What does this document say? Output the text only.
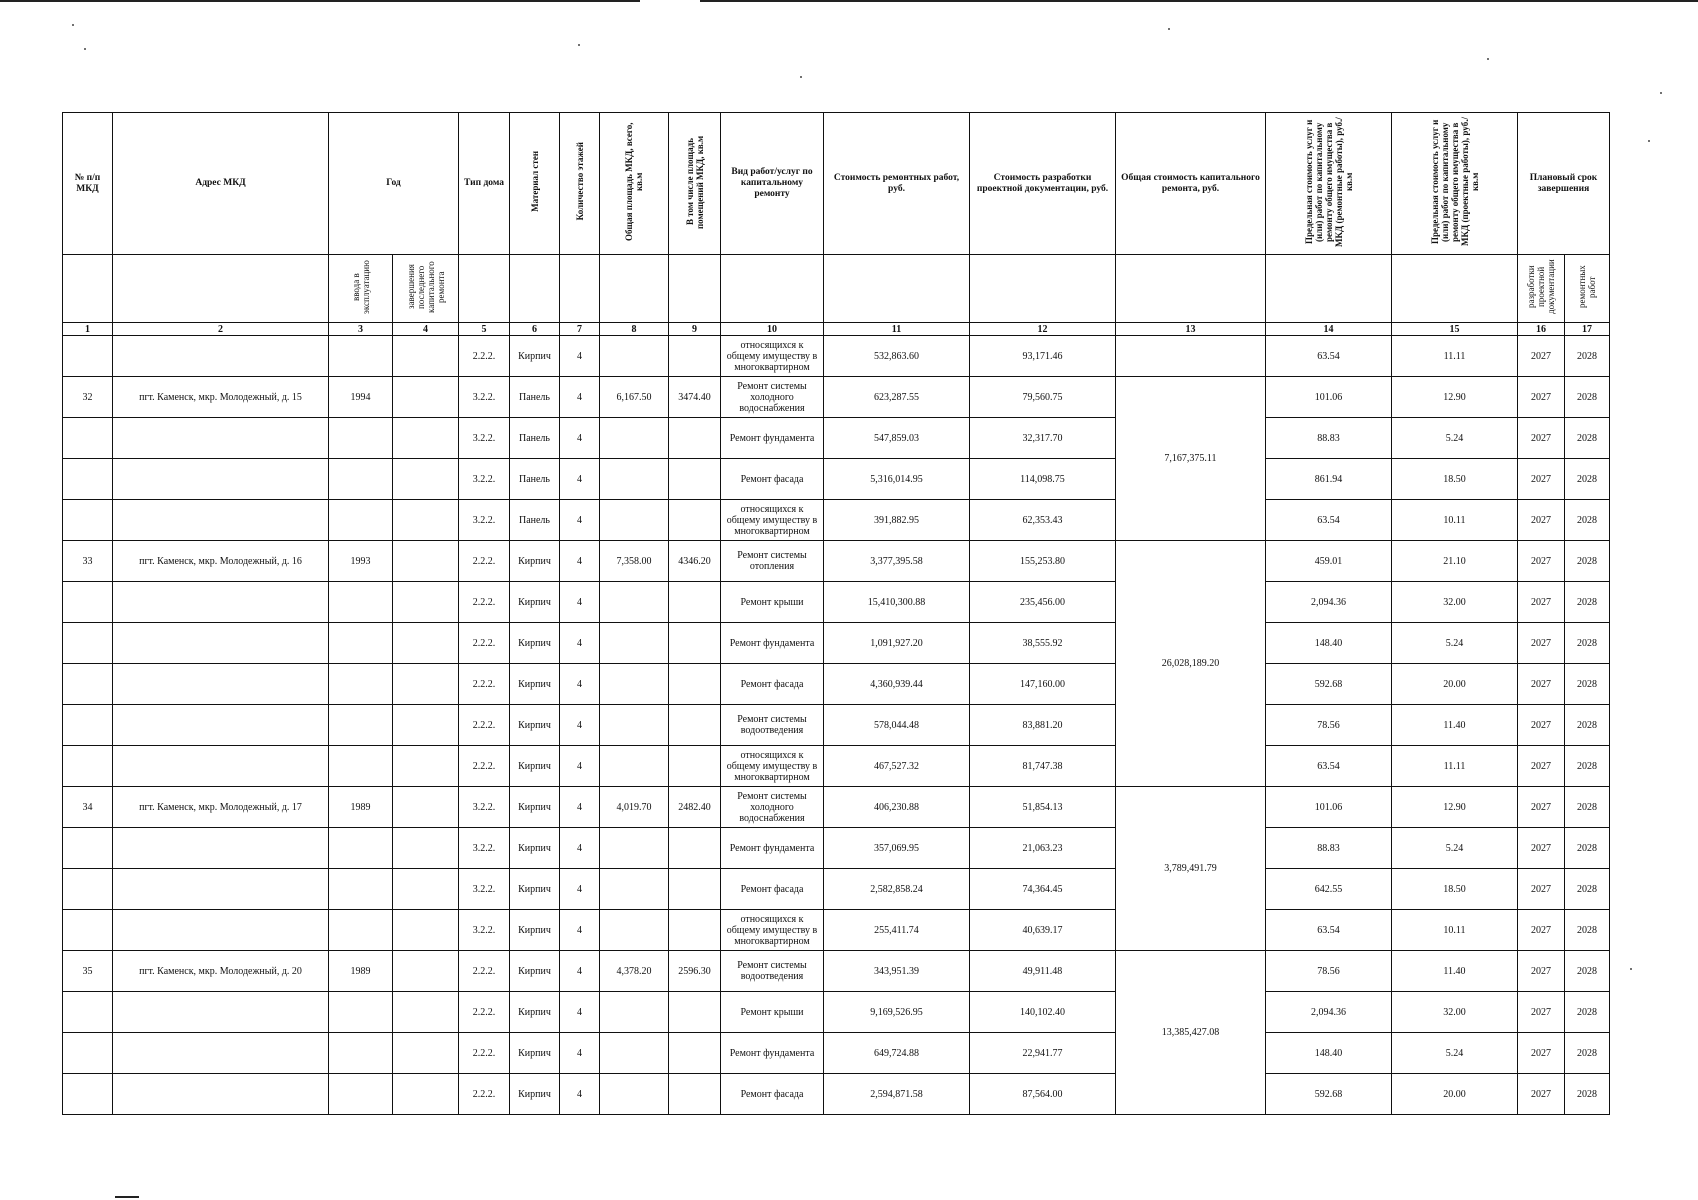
№ п/п МКД	Адрес МКД	Год		Тип дома	Материал стен	Количество этажей	Общая площадь МКД, всего, кв.м	В том числе площадь помещений МКД, кв.м	Вид работ/услуг по капитальному ремонту	Стоимость ремонтных работ, руб.	Стоимость разработки проектной документации, руб.	Общая стоимость капитального ремонта, руб.	Предельная стоимость услуг и (или) работ по капитальному ремонту общего имущества в МКД (ремонтные работы), руб./кв.м	Предельная стоимость услуг и (или) работ по капитальному ремонту общего имущества в МКД (проектные работы), руб./кв.м	Плановый срок завершения	
		ввода в эксплуатацию	завершения последнего капитального ремонта												разработки проектной документации	ремонтных работ
1	2	3	4	5	6	7	8	9	10	11	12	13	14	15	16	17
				2.2.2.	Кирпич	4			относящихся к общему имуществу в многоквартирном	532,863.60	93,171.46		63.54	11.11	2027	2028
32	пгт. Каменск, мкр. Молодежный, д. 15	1994		3.2.2.	Панель	4	6,167.50	3474.40	Ремонт системы холодного водоснабжения	623,287.55	79,560.75	7,167,375.11	101.06	12.90	2027	2028
				3.2.2.	Панель	4			Ремонт фундамента	547,859.03	32,317.70		88.83	5.24	2027	2028
				3.2.2.	Панель	4			Ремонт фасада	5,316,014.95	114,098.75		861.94	18.50	2027	2028
				3.2.2.	Панель	4			относящихся к общему имуществу в многоквартирном	391,882.95	62,353.43		63.54	10.11	2027	2028
33	пгт. Каменск, мкр. Молодежный, д. 16	1993		2.2.2.	Кирпич	4	7,358.00	4346.20	Ремонт системы отопления	3,377,395.58	155,253.80	26,028,189.20	459.01	21.10	2027	2028
				2.2.2.	Кирпич	4			Ремонт крыши	15,410,300.88	235,456.00		2,094.36	32.00	2027	2028
				2.2.2.	Кирпич	4			Ремонт фундамента	1,091,927.20	38,555.92		148.40	5.24	2027	2028
				2.2.2.	Кирпич	4			Ремонт фасада	4,360,939.44	147,160.00		592.68	20.00	2027	2028
				2.2.2.	Кирпич	4			Ремонт системы водоотведения	578,044.48	83,881.20		78.56	11.40	2027	2028
				2.2.2.	Кирпич	4			относящихся к общему имуществу в многоквартирном	467,527.32	81,747.38		63.54	11.11	2027	2028
34	пгт. Каменск, мкр. Молодежный, д. 17	1989		3.2.2.	Кирпич	4	4,019.70	2482.40	Ремонт системы холодного водоснабжения	406,230.88	51,854.13	3,789,491.79	101.06	12.90	2027	2028
				3.2.2.	Кирпич	4			Ремонт фундамента	357,069.95	21,063.23		88.83	5.24	2027	2028
				3.2.2.	Кирпич	4			Ремонт фасада	2,582,858.24	74,364.45		642.55	18.50	2027	2028
				3.2.2.	Кирпич	4			относящихся к общему имуществу в многоквартирном	255,411.74	40,639.17		63.54	10.11	2027	2028
35	пгт. Каменск, мкр. Молодежный, д. 20	1989		2.2.2.	Кирпич	4	4,378.20	2596.30	Ремонт системы водоотведения	343,951.39	49,911.48	13,385,427.08	78.56	11.40	2027	2028
				2.2.2.	Кирпич	4			Ремонт крыши	9,169,526.95	140,102.40		2,094.36	32.00	2027	2028
				2.2.2.	Кирпич	4			Ремонт фундамента	649,724.88	22,941.77		148.40	5.24	2027	2028
				2.2.2.	Кирпич	4			Ремонт фасада	2,594,871.58	87,564.00		592.68	20.00	2027	2028
